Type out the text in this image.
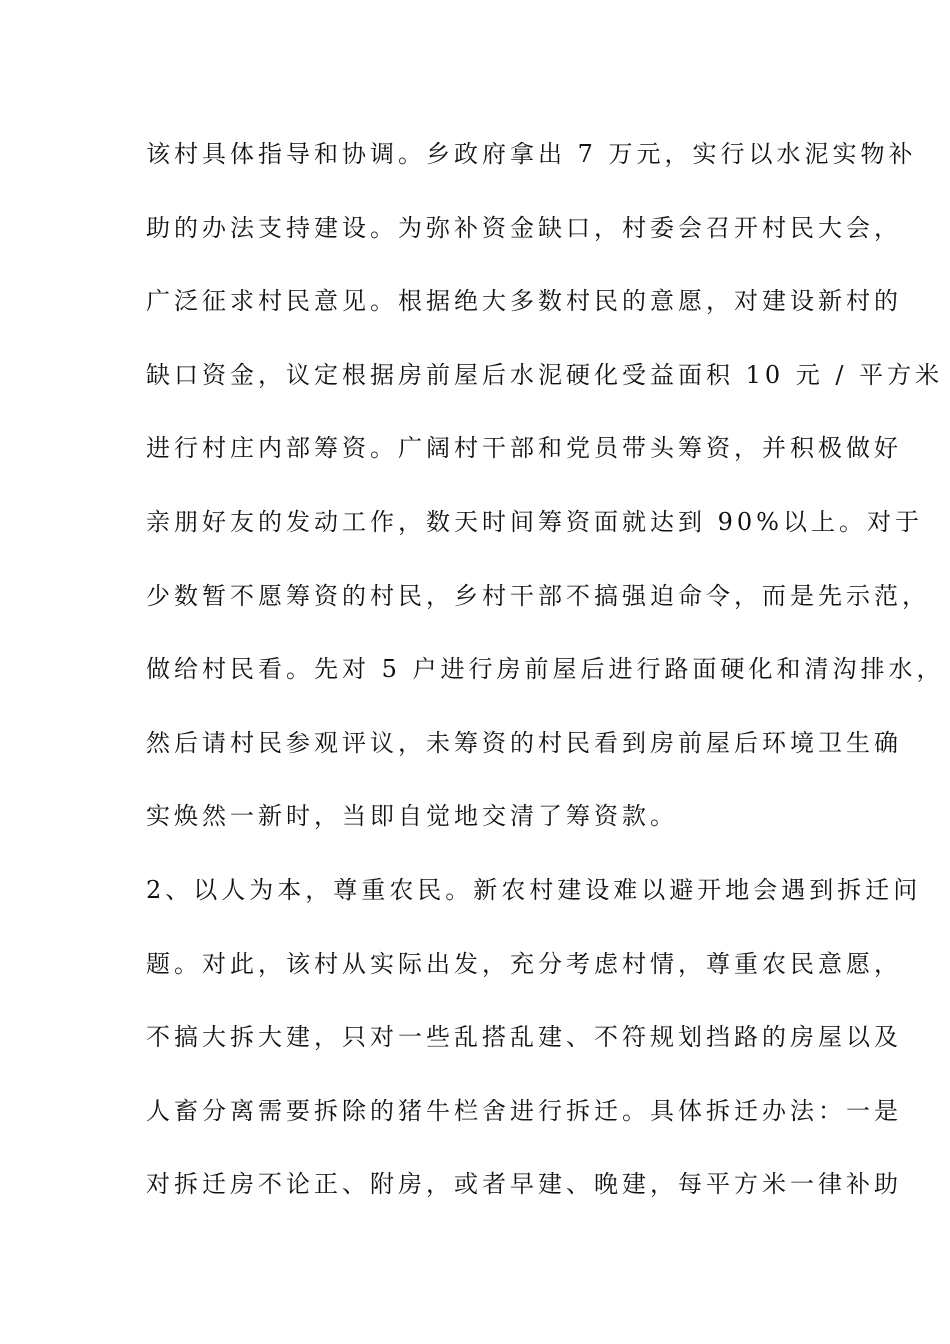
该村具体指导和协调。乡政府拿出 7 万元，实行以水泥实物补
助的办法支持建设。为弥补资金缺口，村委会召开村民大会，
广泛征求村民意见。根据绝大多数村民的意愿，对建设新村的
缺口资金，议定根据房前屋后水泥硬化受益面积 10 元 / 平方米
进行村庄内部筹资。广阔村干部和党员带头筹资，并积极做好
亲朋好友的发动工作，数天时间筹资面就达到 90%以上。对于
少数暂不愿筹资的村民，乡村干部不搞强迫命令，而是先示范，
做给村民看。先对 5 户进行房前屋后进行路面硬化和清沟排水，
然后请村民参观评议，未筹资的村民看到房前屋后环境卫生确
实焕然一新时，当即自觉地交清了筹资款。
2、以人为本，尊重农民。新农村建设难以避开地会遇到拆迁问
题。对此，该村从实际出发，充分考虑村情，尊重农民意愿，
不搞大拆大建，只对一些乱搭乱建、不符规划挡路的房屋以及
人畜分离需要拆除的猪牛栏舍进行拆迁。具体拆迁办法：一是
对拆迁房不论正、附房，或者早建、晚建，每平方米一律补助
